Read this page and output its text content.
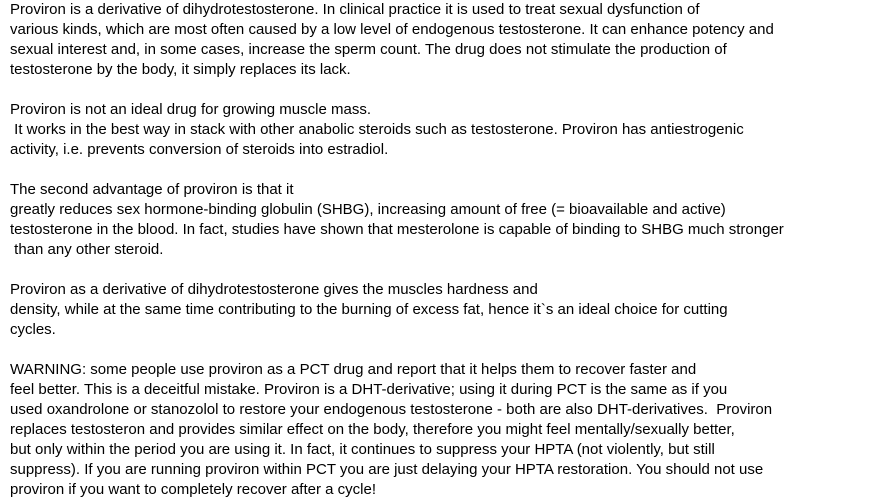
Proviron is a derivative of dihydrotestosterone. In clinical practice it is used to treat sexual dysfunction of
various kinds, which are most often caused by a low level of endogenous testosterone. It can enhance potency and
sexual interest and, in some cases, increase the sperm count. The drug does not stimulate the production of
testosterone by the body, it simply replaces its lack.

Proviron is not an ideal drug for growing muscle mass.
It works in the best way in stack with other anabolic steroids such as testosterone. Proviron has antiestrogenic
activity, i.e. prevents conversion of steroids into estradiol.

The second advantage of proviron is that it
greatly reduces sex hormone-binding globulin (SHBG), increasing amount of free (= bioavailable and active)
testosterone in the blood. In fact, studies have shown that mesterolone is capable of binding to SHBG much stronger
than any other steroid.

Proviron as a derivative of dihydrotestosterone gives the muscles hardness and
density, while at the same time contributing to the burning of excess fat, hence it`s an ideal choice for cutting
cycles.

WARNING: some people use proviron as a PCT drug and report that it helps them to recover faster and
feel better. This is a deceitful mistake. Proviron is a DHT-derivative; using it during PCT is the same as if you
used oxandrolone or stanozolol to restore your endogenous testosterone - both are also DHT-derivatives.  Proviron
replaces testosteron and provides similar effect on the body, therefore you might feel mentally/sexually better,
but only within the period you are using it. In fact, it continues to suppress your HPTA (not violently, but still
suppress). If you are running proviron within PCT you are just delaying your HPTA restoration. You should not use
proviron if you want to completely recover after a cycle!
